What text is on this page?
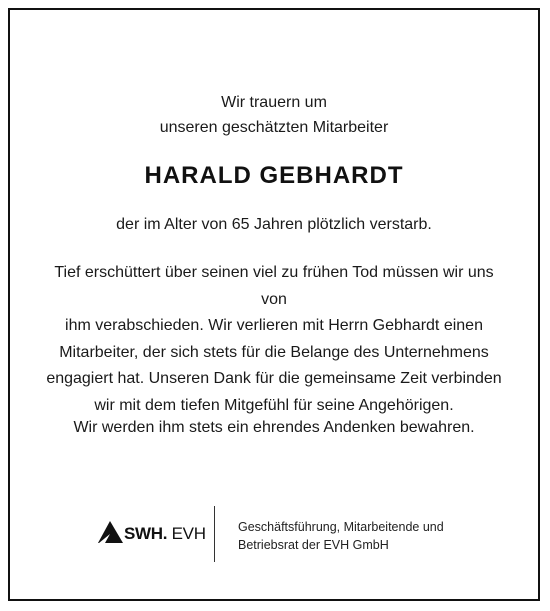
Wir trauern um
unseren geschätzten Mitarbeiter
HARALD GEBHARDT
der im Alter von 65 Jahren plötzlich verstarb.
Tief erschüttert über seinen viel zu frühen Tod müssen wir uns von
ihm verabschieden. Wir verlieren mit Herrn Gebhardt einen
Mitarbeiter, der sich stets für die Belange des Unternehmens
engagiert hat. Unseren Dank für die gemeinsame Zeit verbinden
wir mit dem tiefen Mitgefühl für seine Angehörigen.
Wir werden ihm stets ein ehrendes Andenken bewahren.
SWH. EVH	Geschäftsführung, Mitarbeitende und
Betriebsrat der EVH GmbH
